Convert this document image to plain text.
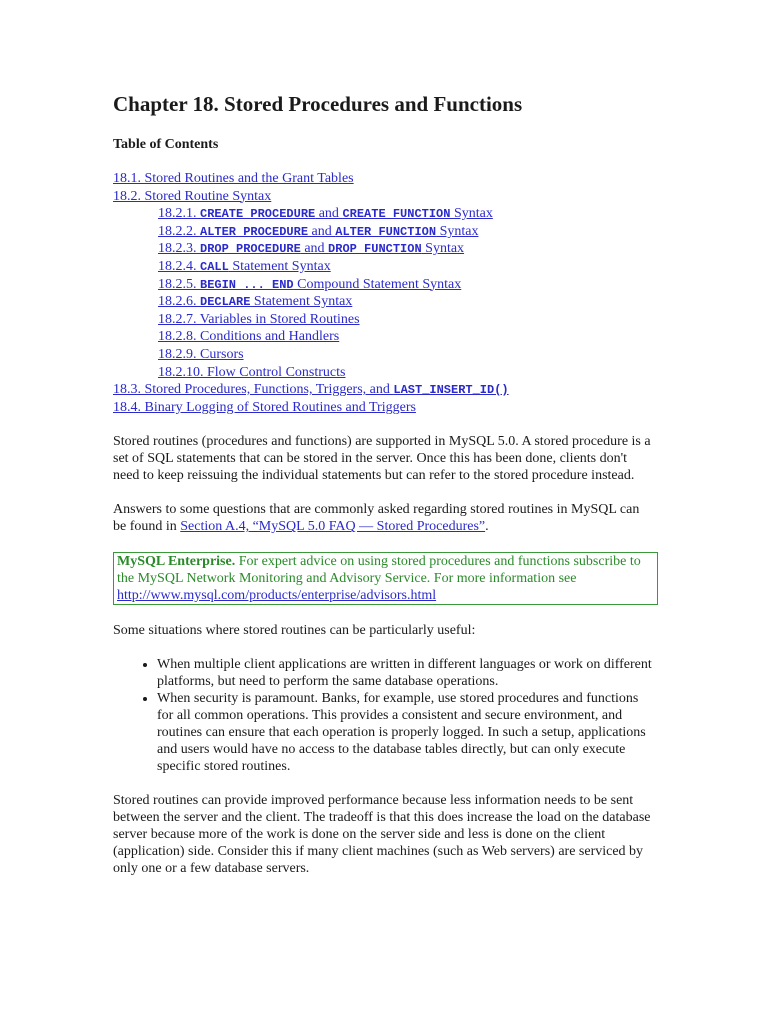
Chapter 18. Stored Procedures and Functions
Table of Contents
18.1. Stored Routines and the Grant Tables
18.2. Stored Routine Syntax
18.2.1. CREATE PROCEDURE and CREATE FUNCTION Syntax
18.2.2. ALTER PROCEDURE and ALTER FUNCTION Syntax
18.2.3. DROP PROCEDURE and DROP FUNCTION Syntax
18.2.4. CALL Statement Syntax
18.2.5. BEGIN ... END Compound Statement Syntax
18.2.6. DECLARE Statement Syntax
18.2.7. Variables in Stored Routines
18.2.8. Conditions and Handlers
18.2.9. Cursors
18.2.10. Flow Control Constructs
18.3. Stored Procedures, Functions, Triggers, and LAST_INSERT_ID()
18.4. Binary Logging of Stored Routines and Triggers

Stored routines (procedures and functions) are supported in MySQL 5.0. A stored procedure is a set of SQL statements that can be stored in the server. Once this has been done, clients don't need to keep reissuing the individual statements but can refer to the stored procedure instead.

Answers to some questions that are commonly asked regarding stored routines in MySQL can be found in Section A.4, “MySQL 5.0 FAQ — Stored Procedures”.

MySQL Enterprise. For expert advice on using stored procedures and functions subscribe to the MySQL Network Monitoring and Advisory Service. For more information see http://www.mysql.com/products/enterprise/advisors.html

Some situations where stored routines can be particularly useful:

• When multiple client applications are written in different languages or work on different platforms, but need to perform the same database operations.
• When security is paramount. Banks, for example, use stored procedures and functions for all common operations. This provides a consistent and secure environment, and routines can ensure that each operation is properly logged. In such a setup, applications and users would have no access to the database tables directly, but can only execute specific stored routines.

Stored routines can provide improved performance because less information needs to be sent between the server and the client. The tradeoff is that this does increase the load on the database server because more of the work is done on the server side and less is done on the client (application) side. Consider this if many client machines (such as Web servers) are serviced by only one or a few database servers.
